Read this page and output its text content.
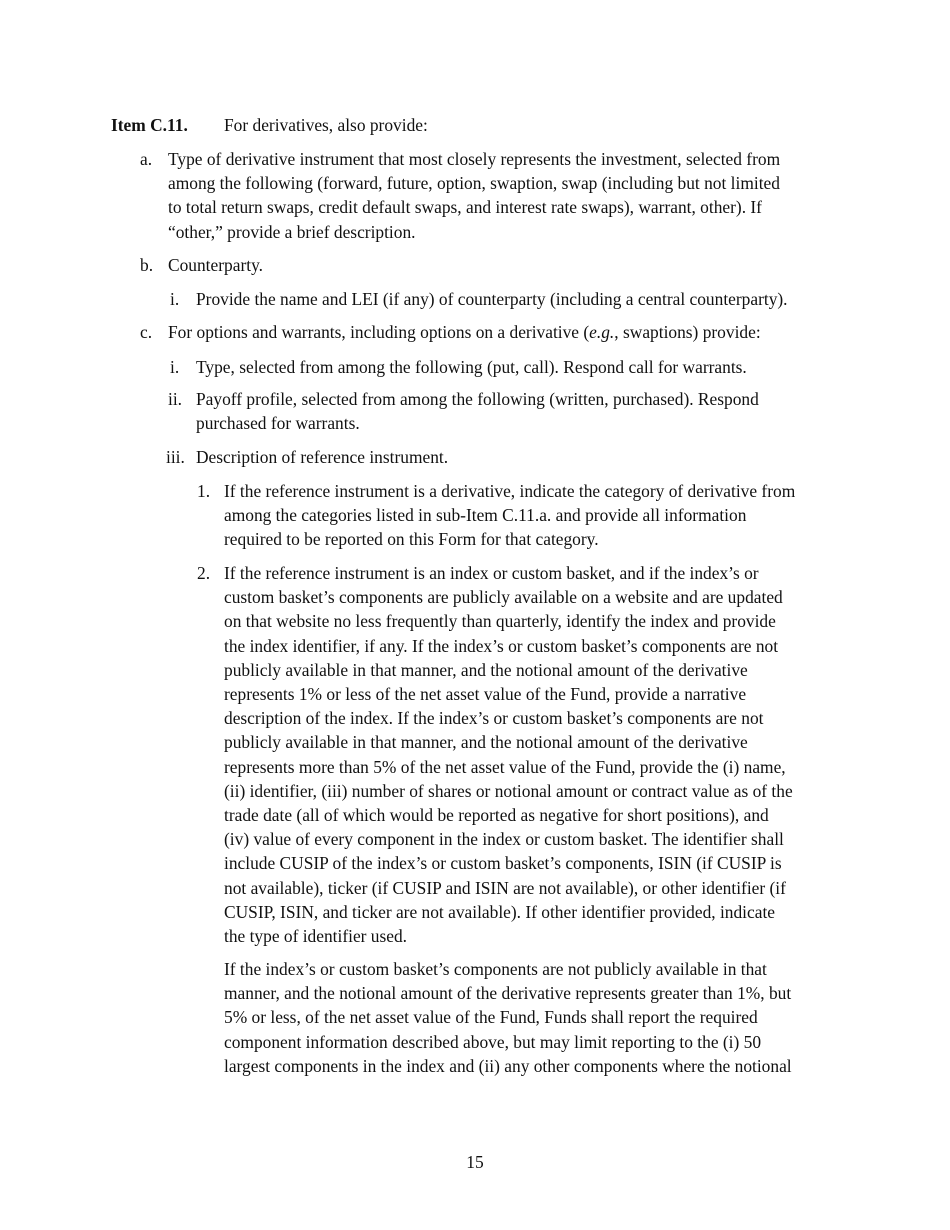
Item C.11. For derivatives, also provide:
a. Type of derivative instrument that most closely represents the investment, selected from
among the following (forward, future, option, swaption, swap (including but not limited
to total return swaps, credit default swaps, and interest rate swaps), warrant, other). If
“other,” provide a brief description.
b. Counterparty.
i. Provide the name and LEI (if any) of counterparty (including a central counterparty).
c. For options and warrants, including options on a derivative (e.g., swaptions) provide:
i. Type, selected from among the following (put, call). Respond call for warrants.
ii. Payoff profile, selected from among the following (written, purchased). Respond
purchased for warrants.
iii. Description of reference instrument.
1. If the reference instrument is a derivative, indicate the category of derivative from
among the categories listed in sub-Item C.11.a. and provide all information
required to be reported on this Form for that category.
2. If the reference instrument is an index or custom basket, and if the index’s or
custom basket’s components are publicly available on a website and are updated
on that website no less frequently than quarterly, identify the index and provide
the index identifier, if any. If the index’s or custom basket’s components are not
publicly available in that manner, and the notional amount of the derivative
represents 1% or less of the net asset value of the Fund, provide a narrative
description of the index. If the index’s or custom basket’s components are not
publicly available in that manner, and the notional amount of the derivative
represents more than 5% of the net asset value of the Fund, provide the (i) name,
(ii) identifier, (iii) number of shares or notional amount or contract value as of the
trade date (all of which would be reported as negative for short positions), and
(iv) value of every component in the index or custom basket. The identifier shall
include CUSIP of the index’s or custom basket’s components, ISIN (if CUSIP is
not available), ticker (if CUSIP and ISIN are not available), or other identifier (if
CUSIP, ISIN, and ticker are not available). If other identifier provided, indicate
the type of identifier used.
If the index’s or custom basket’s components are not publicly available in that
manner, and the notional amount of the derivative represents greater than 1%, but
5% or less, of the net asset value of the Fund, Funds shall report the required
component information described above, but may limit reporting to the (i) 50
largest components in the index and (ii) any other components where the notional
15
